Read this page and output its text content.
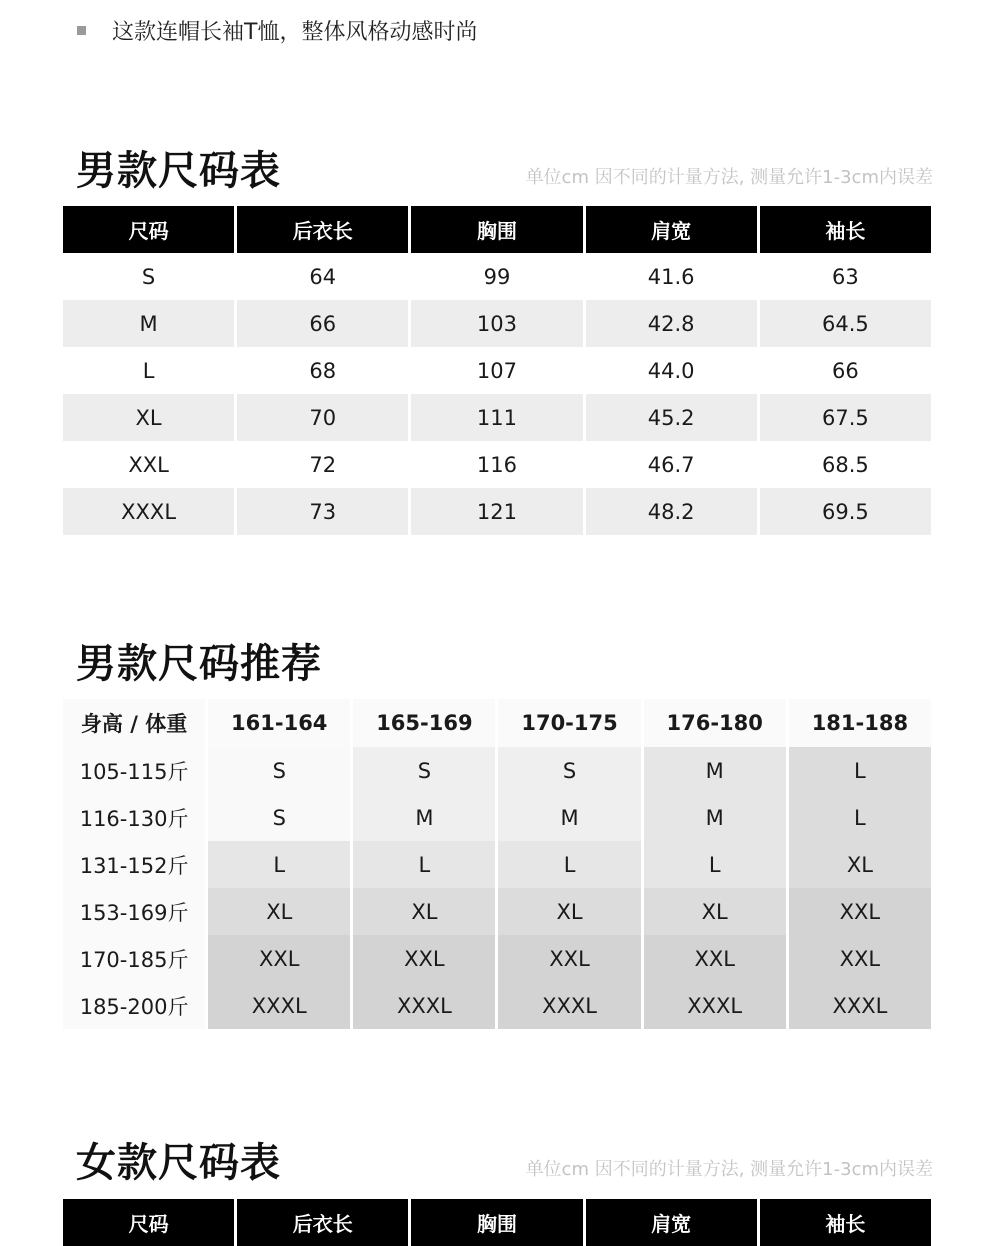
这款连帽长袖T恤，整体风格动感时尚
男款尺码表	单位cm 因不同的计量方法, 测量允许1-3cm内误差
尺码	后衣长	胸围	肩宽	袖长
S	64	99	41.6	63
M	66	103	42.8	64.5
L	68	107	44.0	66
XL	70	111	45.2	67.5
XXL	72	116	46.7	68.5
XXXL	73	121	48.2	69.5
男款尺码推荐
身高 / 体重	161-164	165-169	170-175	176-180	181-188
105-115斤	S	S	S	M	L
116-130斤	S	M	M	M	L
131-152斤	L	L	L	L	XL
153-169斤	XL	XL	XL	XL	XXL
170-185斤	XXL	XXL	XXL	XXL	XXL
185-200斤	XXXL	XXXL	XXXL	XXXL	XXXL
女款尺码表	单位cm 因不同的计量方法, 测量允许1-3cm内误差
尺码	后衣长	胸围	肩宽	袖长
